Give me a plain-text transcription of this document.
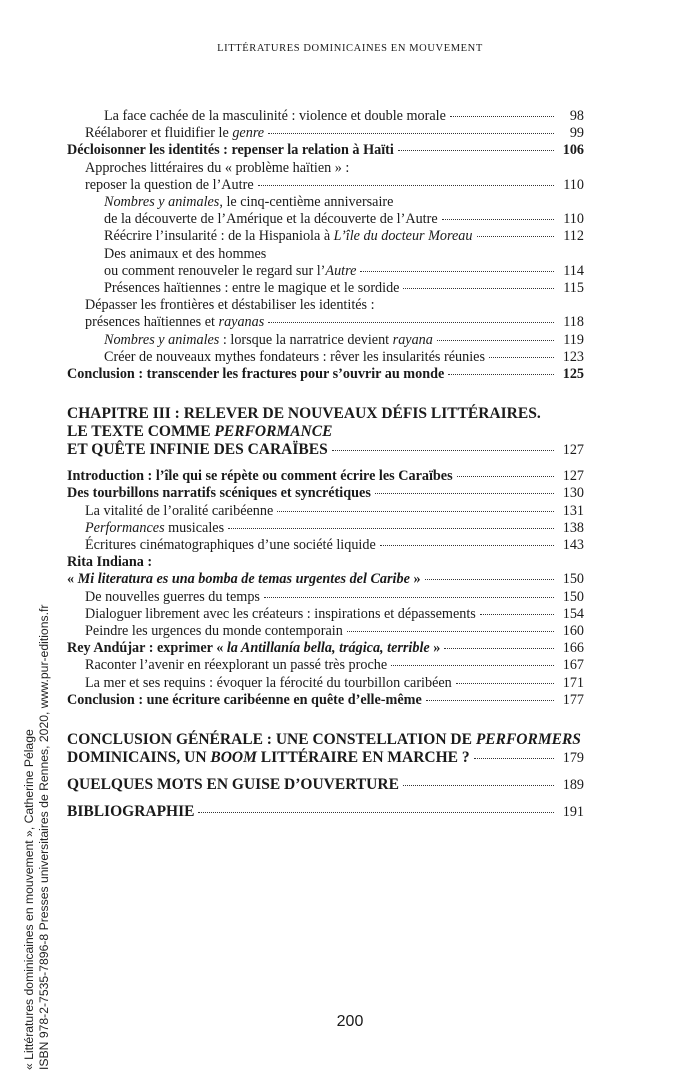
LITTÉRATURES DOMINICAINES EN MOUVEMENT
La face cachée de la masculinité : violence et double morale	98
Réélaborer et fluidifier le genre	99
Décloisonner les identités : repenser la relation à Haïti	106
Approches littéraires du « problème haïtien » :
reposer la question de l’Autre	110
Nombres y animales, le cinq-centième anniversaire
de la découverte de l’Amérique et la découverte de l’Autre	110
Réécrire l’insularité : de la Hispaniola à L’île du docteur Moreau	112
Des animaux et des hommes
ou comment renouveler le regard sur l’Autre	114
Présences haïtiennes : entre le magique et le sordide	115
Dépasser les frontières et déstabiliser les identités :
présences haïtiennes et rayanas	118
Nombres y animales : lorsque la narratrice devient rayana	119
Créer de nouveaux mythes fondateurs : rêver les insularités réunies	123
Conclusion : transcender les fractures pour s’ouvrir au monde	125
CHAPITRE III : RELEVER DE NOUVEAUX DÉFIS LITTÉRAIRES.
LE TEXTE COMME PERFORMANCE
ET QUÊTE INFINIE DES CARAÏBES	127
Introduction : l’île qui se répète ou comment écrire les Caraïbes	127
Des tourbillons narratifs scéniques et syncrétiques	130
La vitalité de l’oralité caribéenne	131
Performances musicales	138
Écritures cinématographiques d’une société liquide	143
Rita Indiana :
« Mi literatura es una bomba de temas urgentes del Caribe »	150
De nouvelles guerres du temps	150
Dialoguer librement avec les créateurs : inspirations et dépassements	154
Peindre les urgences du monde contemporain	160
Rey Andújar : exprimer « la Antillanía bella, trágica, terrible »	166
Raconter l’avenir en réexplorant un passé très proche	167
La mer et ses requins : évoquer la férocité du tourbillon caribéen	171
Conclusion : une écriture caribéenne en quête d’elle-même	177
CONCLUSION GÉNÉRALE : UNE CONSTELLATION DE PERFORMERS
DOMINICAINS, UN BOOM LITTÉRAIRE EN MARCHE ?	179
QUELQUES MOTS EN GUISE D’OUVERTURE	189
BIBLIOGRAPHIE	191
« Littératures dominicaines en mouvement », Catherine Pélage ISBN 978-2-7535-7896-8 Presses universitaires de Rennes, 2020, www.pur-editions.fr	200
